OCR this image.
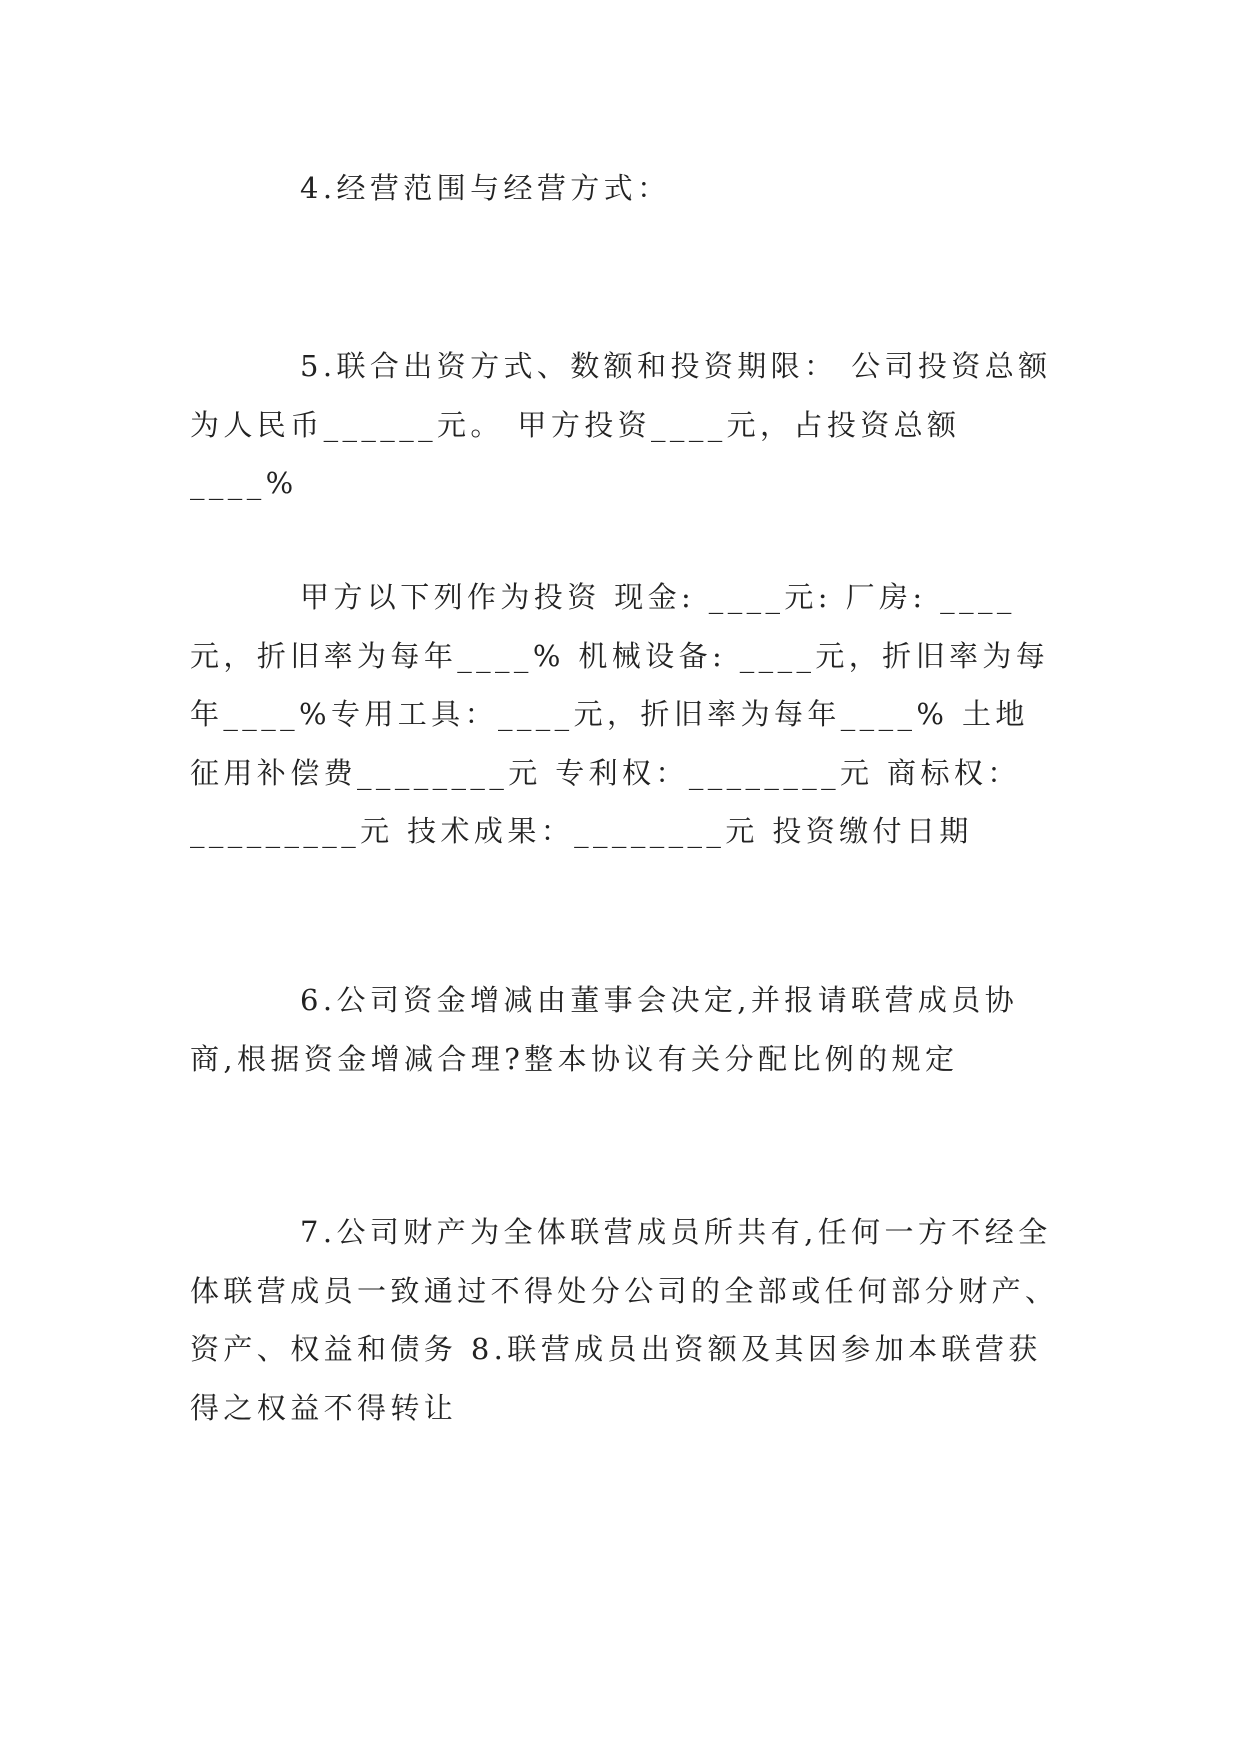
4.经营范围与经营方式：

5.联合出资方式、数额和投资期限： 公司投资总额为人民币______元。 甲方投资____元，占投资总额____%

甲方以下列作为投资 现金: ____元: 厂房: ____元，折旧率为每年____% 机械设备: ____元，折旧率为每年____%专用工具：____元，折旧率为每年____% 土地征用补偿费________元 专利权：________元 商标权：_________元 技术成果：________元 投资缴付日期

6.公司资金增减由董事会决定,并报请联营成员协商,根据资金增减合理?整本协议有关分配比例的规定

7.公司财产为全体联营成员所共有,任何一方不经全体联营成员一致通过不得处分公司的全部或任何部分财产、资产、权益和债务 8.联营成员出资额及其因参加本联营获得之权益不得转让
